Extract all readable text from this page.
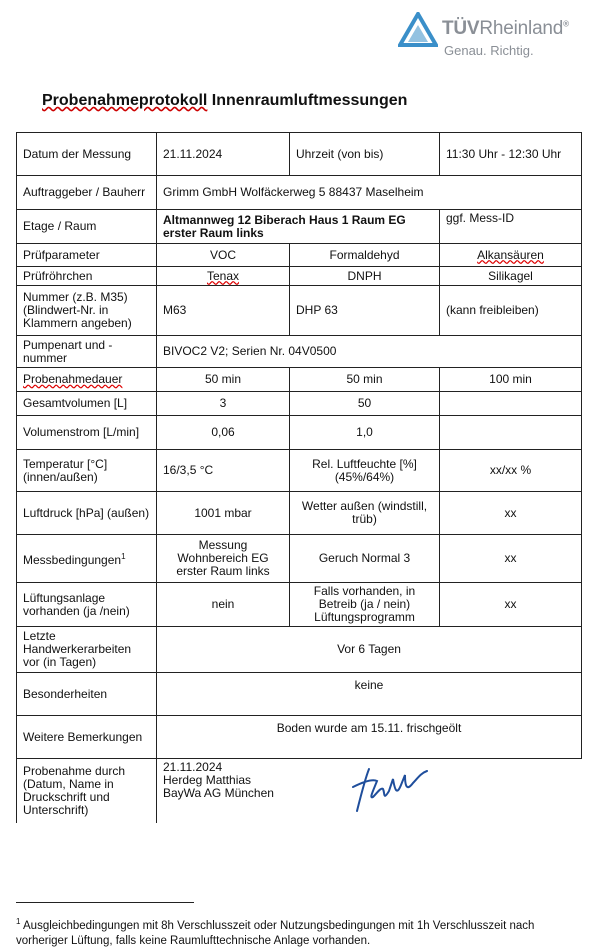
TÜVRheinland®
Genau. Richtig.
Probenahmeprotokoll Innenraumluftmessungen
Datum der Messung	21.11.2024	Uhrzeit (von bis)	11:30 Uhr - 12:30 Uhr
Auftraggeber / Bauherr	Grimm GmbH Wolfäckerweg 5 88437 Maselheim		
Etage / Raum	Altmannweg 12 Biberach Haus 1 Raum EG erster Raum links		ggf. Mess-ID
Prüfparameter	VOC	Formaldehyd	Alkansäuren
Prüfröhrchen	Tenax	DNPH	Silikagel
Nummer (z.B. M35) (Blindwert-Nr. in Klammern angeben)	M63	DHP 63	(kann freibleiben)
Pumpenart und -nummer	BIVOC2 V2; Serien Nr. 04V0500		
Probenahmedauer	50 min	50 min	100 min
Gesamtvolumen [L]	3	50	
Volumenstrom [L/min]	0,06	1,0	
Temperatur [°C] (innen/außen)	16/3,5 °C	Rel. Luftfeuchte [%] (45%/64%)	xx/xx %
Luftdruck [hPa] (außen)	1001 mbar	Wetter außen (windstill, trüb)	xx
Messbedingungen$^1$	Messung Wohnbereich EG erster Raum links	Geruch Normal 3	xx
Lüftungsanlage vorhanden (ja /nein)	nein	Falls vorhanden, in Betreib (ja / nein) Lüftungsprogramm	xx
Letzte Handwerkerarbeiten vor (in Tagen)	Vor 6 Tagen		
Besonderheiten	keine		
Weitere Bemerkungen	Boden wurde am 15.11. frischgeölt		
Probenahme durch (Datum, Name in Druckschrift und Unterschrift)	21.11.2024
Herdeg Matthias
BayWa AG München		
$^1$ Ausgleichbedingungen mit 8h Verschlusszeit oder Nutzungsbedingungen mit 1h Verschlusszeit nach vorheriger Lüftung, falls keine Raumlufttechnische Anlage vorhanden.
